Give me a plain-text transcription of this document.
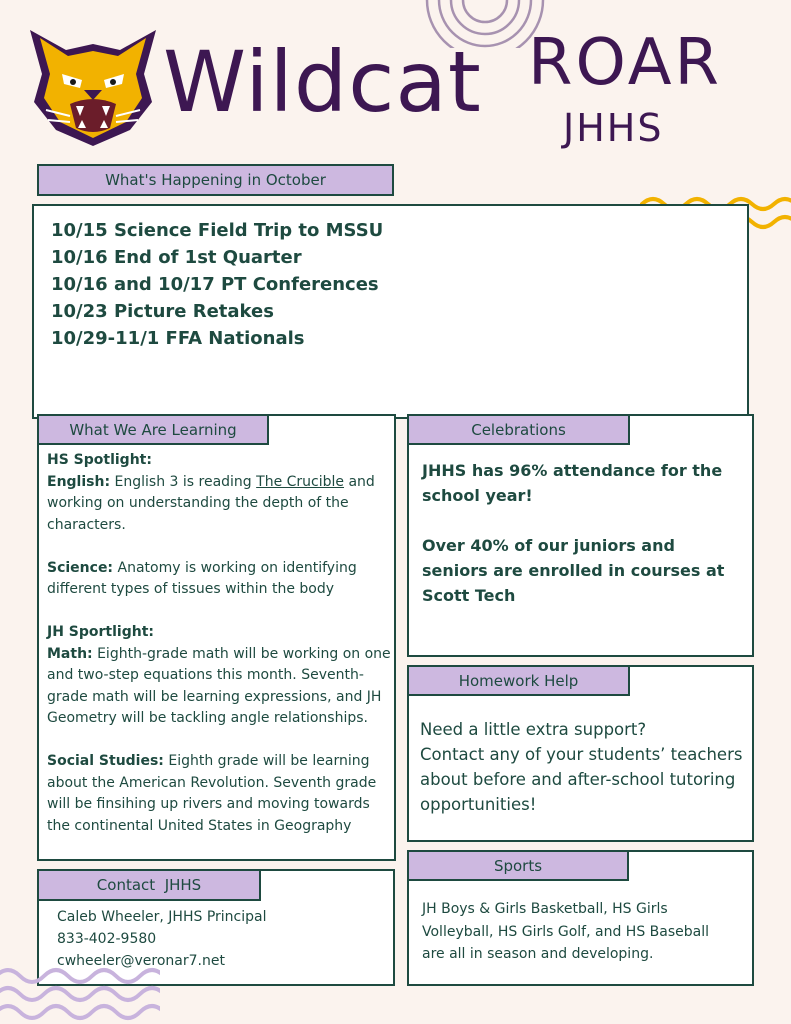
Wildcat ROAR
JHHS
What's Happening in October
10/15 Science Field Trip to MSSU
10/16 End of 1st Quarter
10/16 and 10/17 PT Conferences
10/23 Picture Retakes
10/29-11/1 FFA Nationals
What We Are Learning
HS Spotlight:
English: English 3 is reading The Crucible and working on understanding the depth of the characters.
Science: Anatomy is working on identifying different types of tissues within the body
JH Sportlight:
Math: Eighth-grade math will be working on one and two-step equations this month. Seventh-grade math will be learning expressions, and JH Geometry will be tackling angle relationships.
Social Studies: Eighth grade will be learning about the American Revolution. Seventh grade will be finsihing up rivers and moving towards the continental United States in Geography
Celebrations
JHHS has 96% attendance for the school year!
Over 40% of our juniors and seniors are enrolled in courses at Scott Tech
Homework Help
Need a little extra support?
Contact any of your students’ teachers about before and after-school tutoring opportunities!
Sports
JH Boys & Girls Basketball, HS Girls Volleyball, HS Girls Golf, and HS Baseball are all in season and developing.
Contact  JHHS
Caleb Wheeler, JHHS Principal
833-402-9580
cwheeler@veronar7.net
